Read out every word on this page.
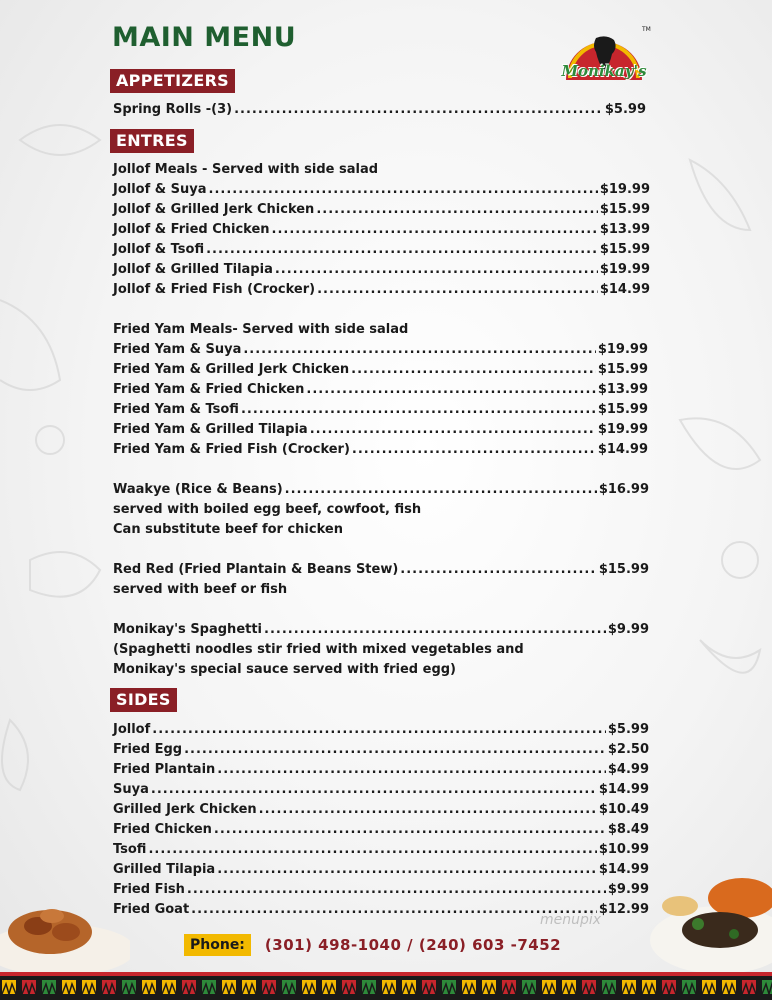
MAIN MENU	TM
Monikay's
APPETIZERS
Spring Rolls -(3) .....	$5.99
ENTRES
Jollof Meals - Served with side salad
Jollof & Suya .....	$19.99
Jollof & Grilled Jerk Chicken .....	$15.99
Jollof & Fried Chicken .....	$13.99
Jollof & Tsofi .....	$15.99
Jollof & Grilled Tilapia .....	$19.99
Jollof & Fried Fish (Crocker) .....	$14.99
Fried Yam Meals- Served with side salad
Fried Yam & Suya .....	$19.99
Fried Yam & Grilled Jerk Chicken .....	$15.99
Fried Yam & Fried Chicken .....	$13.99
Fried Yam & Tsofi .....	$15.99
Fried Yam & Grilled Tilapia .....	$19.99
Fried Yam & Fried Fish (Crocker) .....	$14.99
Waakye (Rice & Beans) .....	$16.99
served with boiled egg beef, cowfoot, fish
Can substitute beef for chicken
Red Red (Fried Plantain & Beans Stew) .....	$15.99
served with beef or fish
Monikay's Spaghetti .....	$9.99
(Spaghetti noodles stir fried with mixed vegetables and
Monikay's special sauce served with fried egg)
SIDES
Jollof .....	$5.99
Fried Egg .....	$2.50
Fried Plantain .....	$4.99
Suya .....	$14.99
Grilled Jerk Chicken .....	$10.49
Fried Chicken .....	$8.49
Tsofi .....	$10.99
Grilled Tilapia .....	$14.99
Fried Fish .....	$9.99
Fried Goat .....	$12.99
menupix
Phone:	(301) 498-1040 / (240) 603 -7452
